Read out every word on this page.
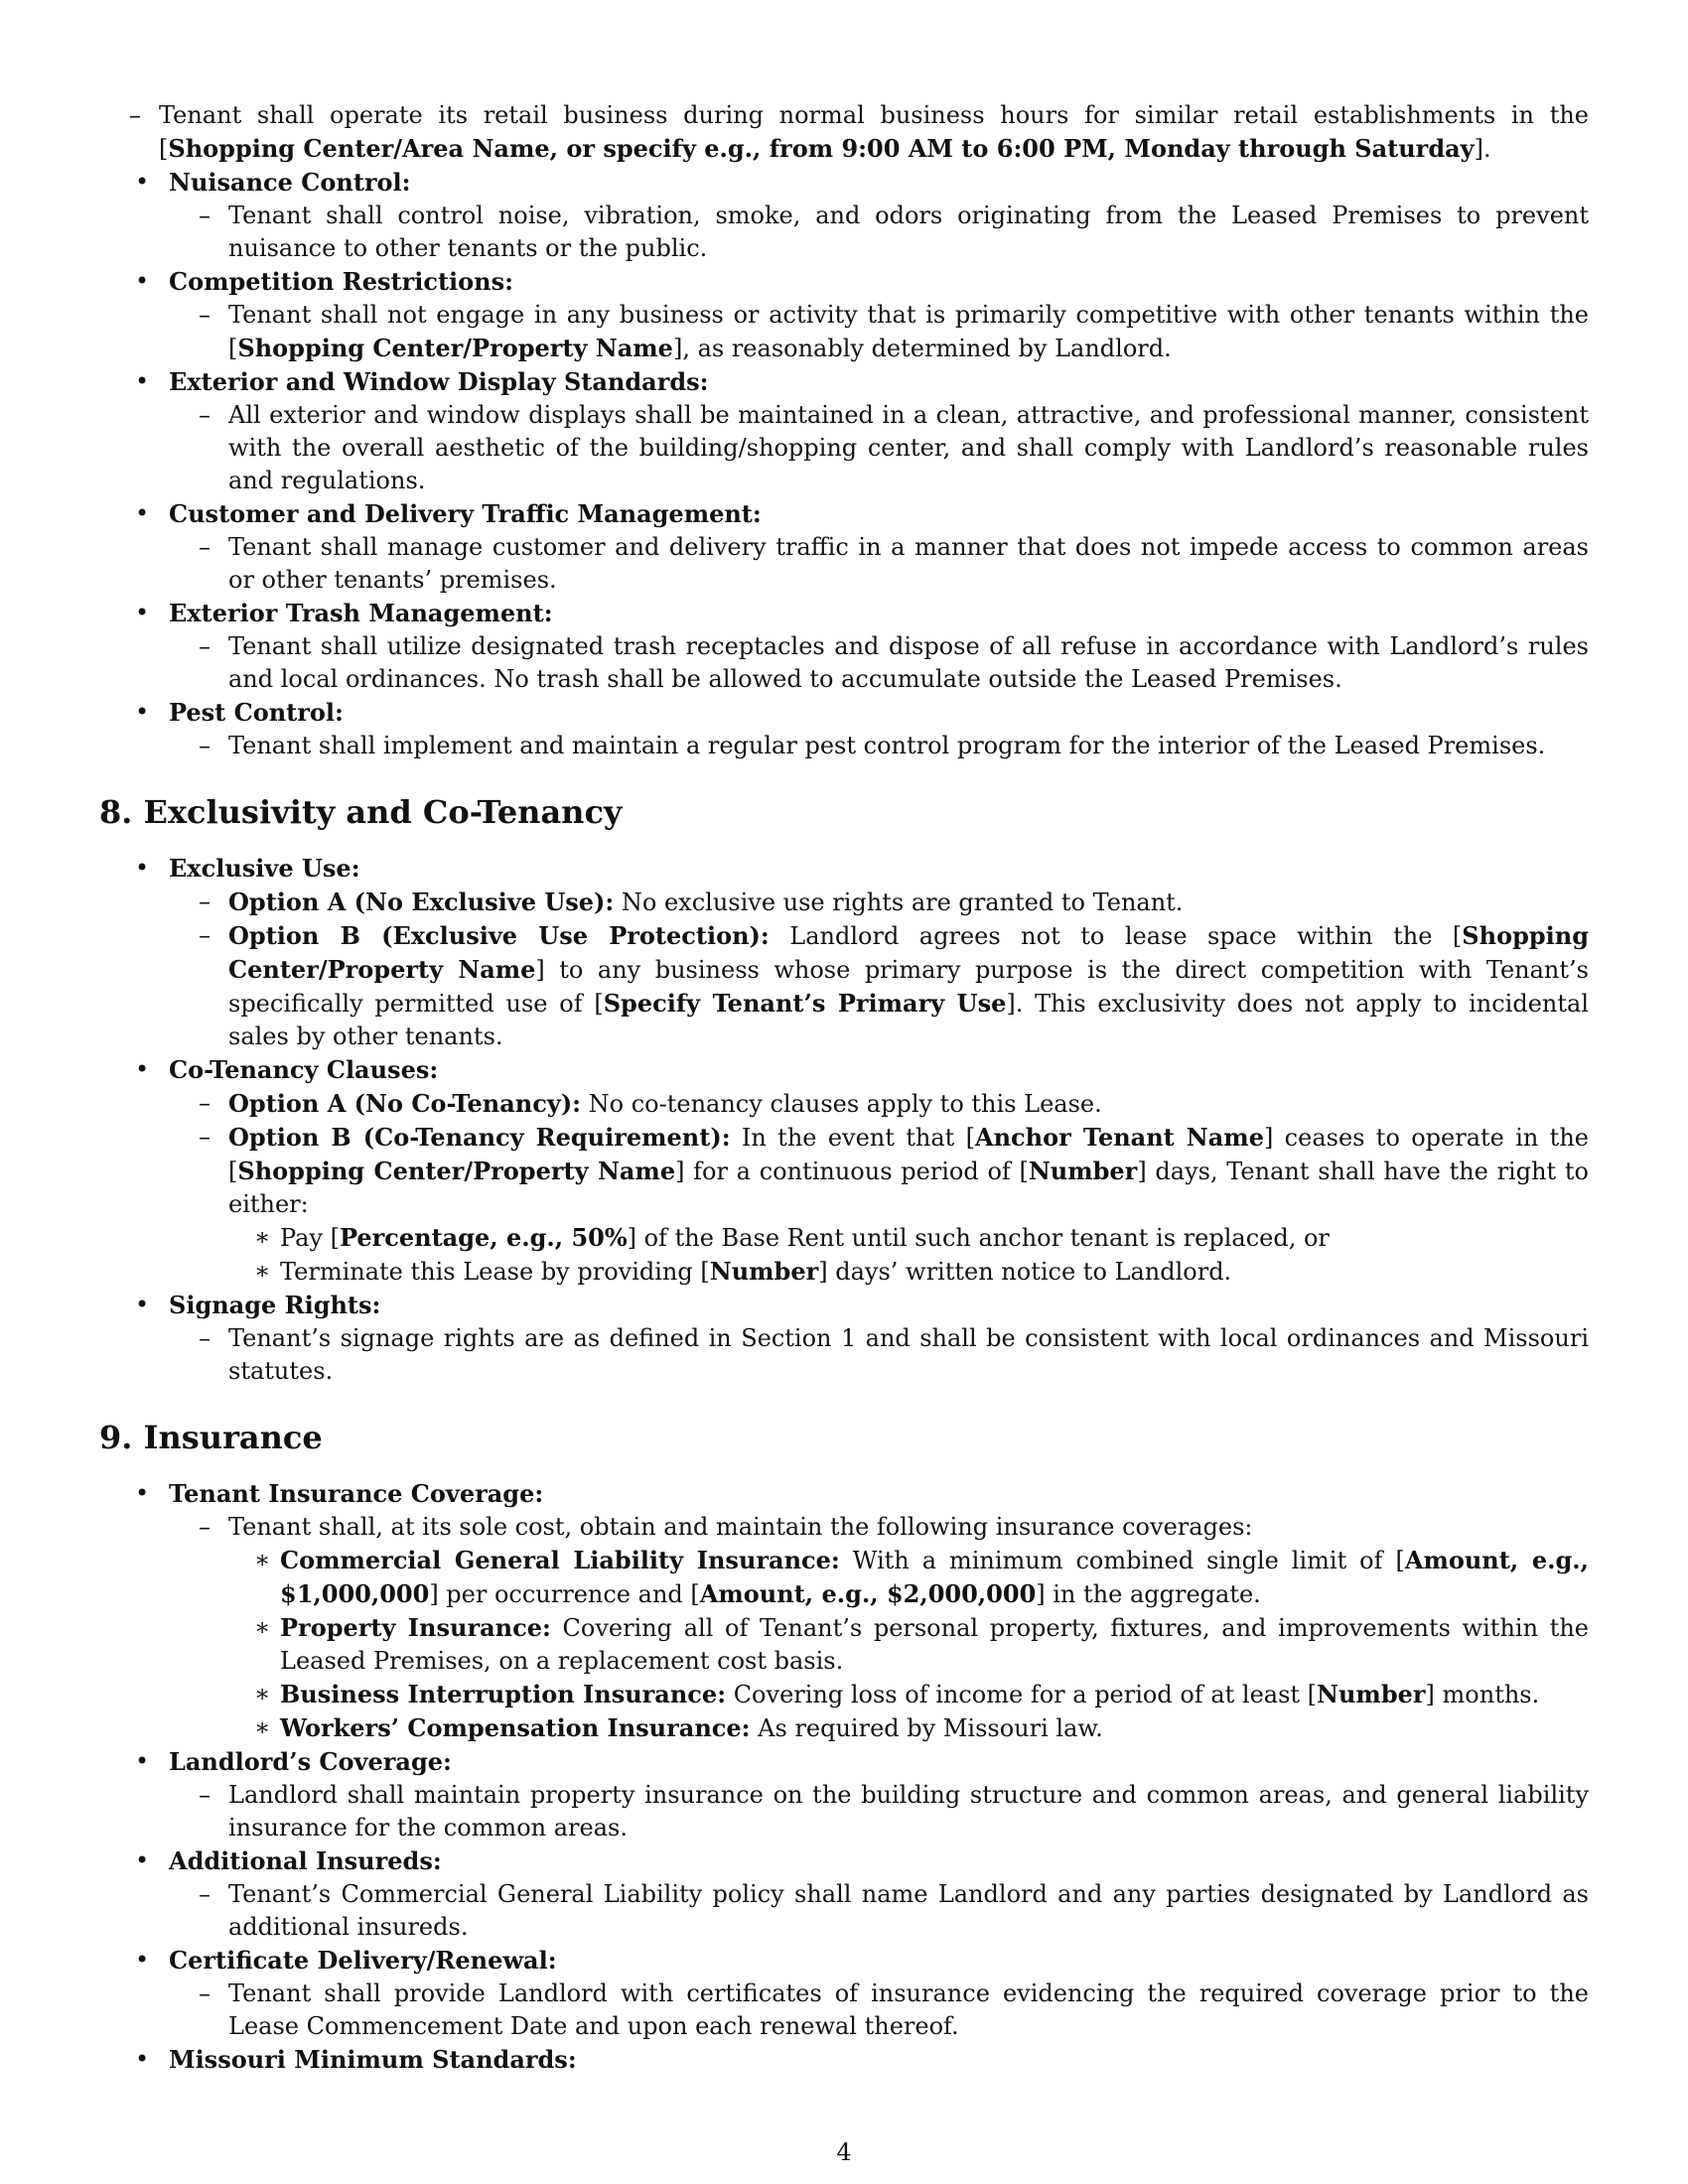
– Tenant shall operate its retail business during normal business hours for similar retail establishments in the [Shopping Center/Area Name, or specify e.g., from 9:00 AM to 6:00 PM, Monday through Saturday].
• Nuisance Control:
– Tenant shall control noise, vibration, smoke, and odors originating from the Leased Premises to prevent nuisance to other tenants or the public.
• Competition Restrictions:
– Tenant shall not engage in any business or activity that is primarily competitive with other tenants within the [Shopping Center/Property Name], as reasonably determined by Landlord.
• Exterior and Window Display Standards:
– All exterior and window displays shall be maintained in a clean, attractive, and professional manner, consistent with the overall aesthetic of the building/shopping center, and shall comply with Landlord’s reasonable rules and regulations.
• Customer and Delivery Traffic Management:
– Tenant shall manage customer and delivery traffic in a manner that does not impede access to common areas or other tenants’ premises.
• Exterior Trash Management:
– Tenant shall utilize designated trash receptacles and dispose of all refuse in accordance with Landlord’s rules and local ordinances. No trash shall be allowed to accumulate outside the Leased Premises.
• Pest Control:
– Tenant shall implement and maintain a regular pest control program for the interior of the Leased Premises.
8. Exclusivity and Co-Tenancy
• Exclusive Use:
– Option A (No Exclusive Use): No exclusive use rights are granted to Tenant.
– Option B (Exclusive Use Protection): Landlord agrees not to lease space within the [Shopping Center/Property Name] to any business whose primary purpose is the direct competition with Tenant’s specifically permitted use of [Specify Tenant’s Primary Use]. This exclusivity does not apply to incidental sales by other tenants.
• Co-Tenancy Clauses:
– Option A (No Co-Tenancy): No co-tenancy clauses apply to this Lease.
– Option B (Co-Tenancy Requirement): In the event that [Anchor Tenant Name] ceases to operate in the [Shopping Center/Property Name] for a continuous period of [Number] days, Tenant shall have the right to either:
∗ Pay [Percentage, e.g., 50%] of the Base Rent until such anchor tenant is replaced, or
∗ Terminate this Lease by providing [Number] days’ written notice to Landlord.
• Signage Rights:
– Tenant’s signage rights are as defined in Section 1 and shall be consistent with local ordinances and Missouri statutes.
9. Insurance
• Tenant Insurance Coverage:
– Tenant shall, at its sole cost, obtain and maintain the following insurance coverages:
∗ Commercial General Liability Insurance: With a minimum combined single limit of [Amount, e.g., $1,000,000] per occurrence and [Amount, e.g., $2,000,000] in the aggregate.
∗ Property Insurance: Covering all of Tenant’s personal property, fixtures, and improvements within the Leased Premises, on a replacement cost basis.
∗ Business Interruption Insurance: Covering loss of income for a period of at least [Number] months.
∗ Workers’ Compensation Insurance: As required by Missouri law.
• Landlord’s Coverage:
– Landlord shall maintain property insurance on the building structure and common areas, and general liability insurance for the common areas.
• Additional Insureds:
– Tenant’s Commercial General Liability policy shall name Landlord and any parties designated by Landlord as additional insureds.
• Certificate Delivery/Renewal:
– Tenant shall provide Landlord with certificates of insurance evidencing the required coverage prior to the Lease Commencement Date and upon each renewal thereof.
• Missouri Minimum Standards:
4
